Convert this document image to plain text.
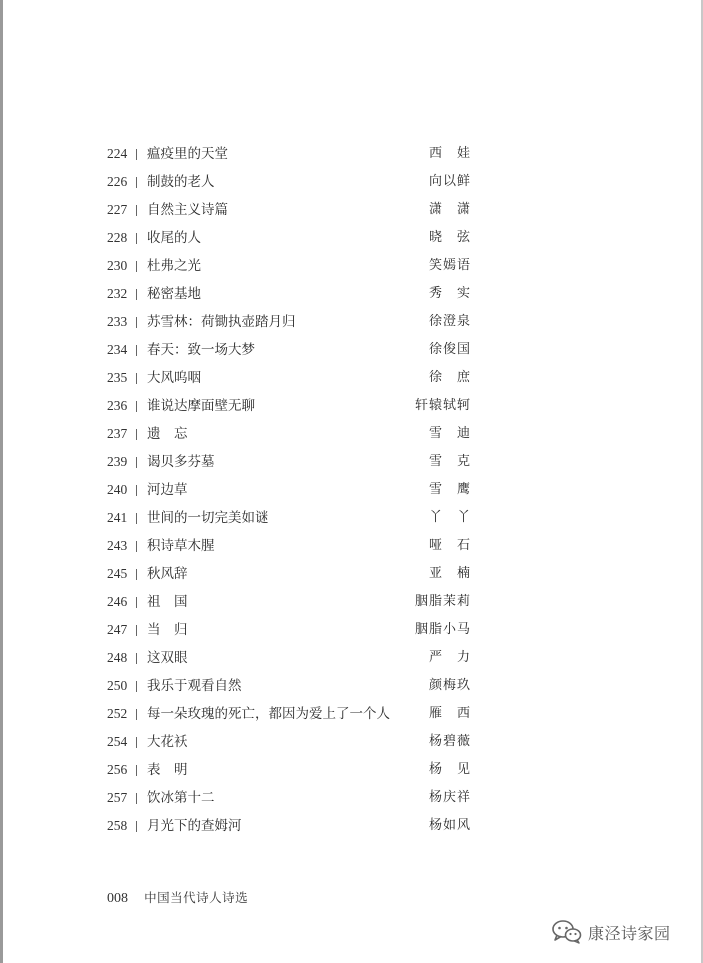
224 瘟疫里的天堂	西　娃
226 制鼓的老人	向以鲜
227 自然主义诗篇	潇　潇
228 收尾的人	晓　弦
230 杜弗之光	笑嫣语
232 秘密基地	秀　实
233 苏雪林：荷锄执壶踏月归	徐澄泉
234 春天：致一场大梦	徐俊国
235 大风呜咽	徐　庶
236 谁说达摩面壁无聊	轩辕轼轲
237 遗　忘	雪　迪
239 谒贝多芬墓	雪　克
240 河边草	雪　鹰
241 世间的一切完美如谜	丫　丫
243 积诗草木腥	哑　石
245 秋风辞	亚　楠
246 祖　国	胭脂茉莉
247 当　归	胭脂小马
248 这双眼	严　力
250 我乐于观看自然	颜梅玖
252 每一朵玫瑰的死亡，都因为爱上了一个人	雁　西
254 大花袄	杨碧薇
256 表　明	杨　见
257 饮冰第十二	杨庆祥
258 月光下的查姆河	杨如风
008 中国当代诗人诗选
康泾诗家园
